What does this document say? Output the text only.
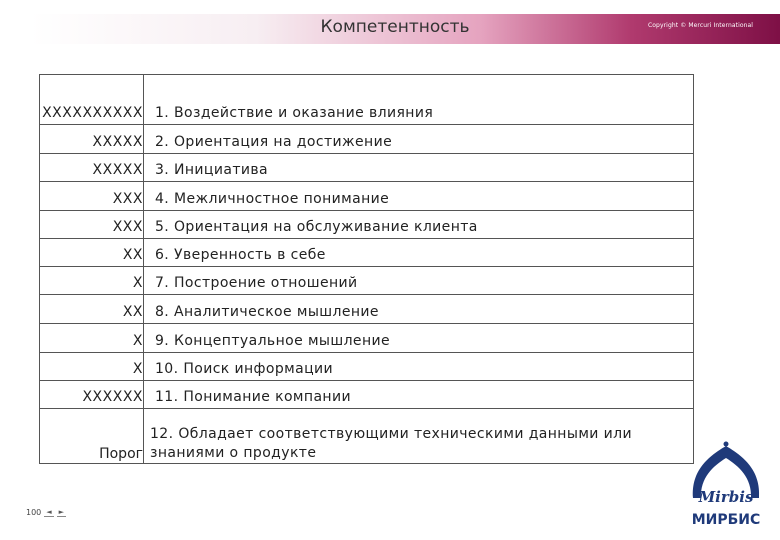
Компетентность	Copyright © Mercuri International
XXXXXXXXXX 1. Воздействие и оказание влияния
XXXXX 2. Ориентация на достижение
XXXXX 3. Инициатива
XXX 4. Межличностное понимание
XXX 5. Ориентация на обслуживание клиента
XX 6. Уверенность в себе
X 7. Построение отношений
XX 8. Аналитическое мышление
X 9. Концептуальное мышление
X 10. Поиск информации
XXXXXX 11. Понимание компании
Порог
12. Обладает соответствующими техническими данными или
знаниями о продукте
100 ◄ ►
Mirbis
МИРБИС
